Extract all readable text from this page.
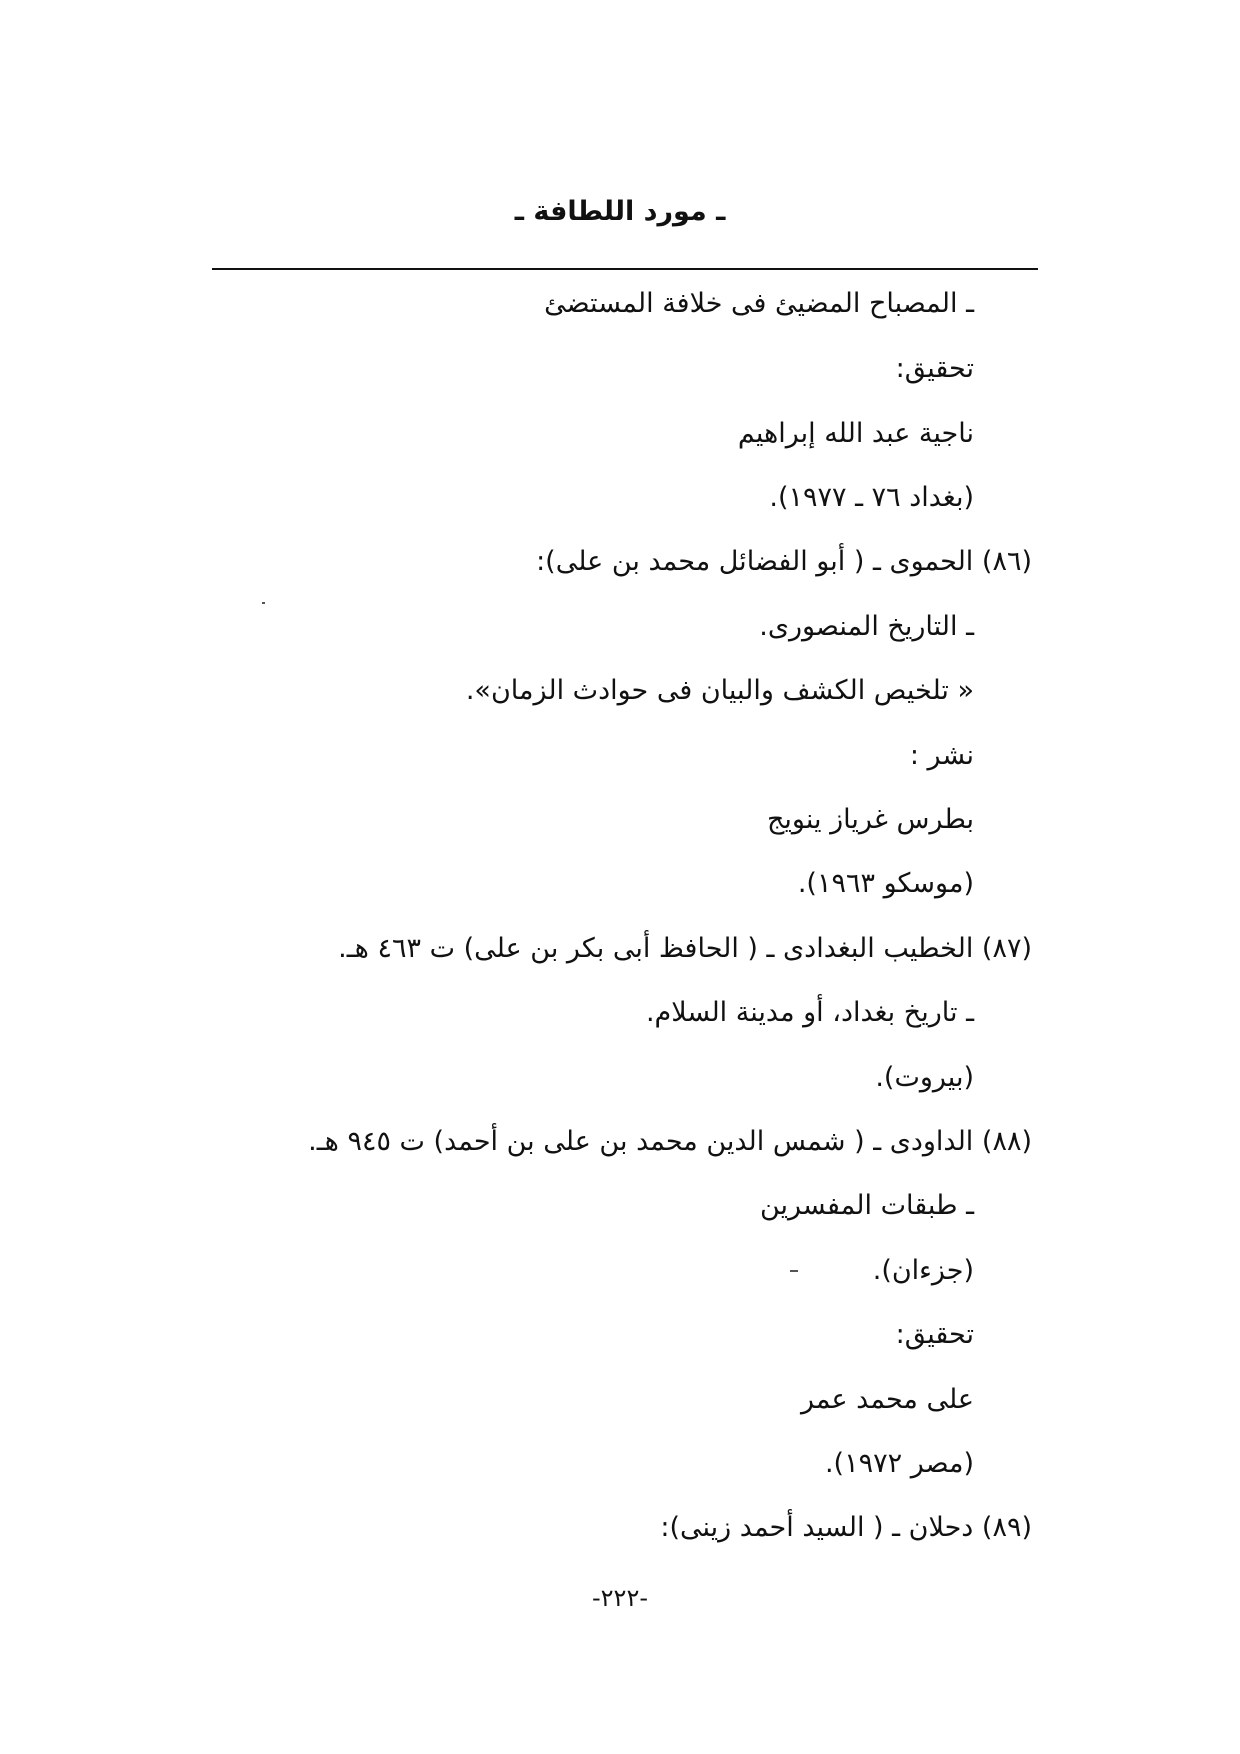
ـ مورد اللطافة ـ
ـ المصباح المضيئ فى خلافة المستضئ
تحقيق:
ناجية عبد الله إبراهيم
(بغداد ٧٦ ـ ١٩٧٧).
(٨٦) الحموى ـ ( أبو الفضائل محمد بن على):
ـ التاريخ المنصورى.
« تلخيص الكشف والبيان فى حوادث الزمان».
نشر :
بطرس غرياز ينويج
(موسكو ١٩٦٣).
(٨٧) الخطيب البغدادى ـ ( الحافظ أبى بكر بن على) ت ٤٦٣ هـ.
ـ تاريخ بغداد، أو مدينة السلام.
(بيروت).
(٨٨) الداودى ـ ( شمس الدين محمد بن على بن أحمد) ت ٩٤٥ هـ.
ـ طبقات المفسرين
(جزءان).
تحقيق:
على محمد عمر
(مصر ١٩٧٢).
(٨٩) دحلان ـ ( السيد أحمد زينى):
-٢٢٢-
